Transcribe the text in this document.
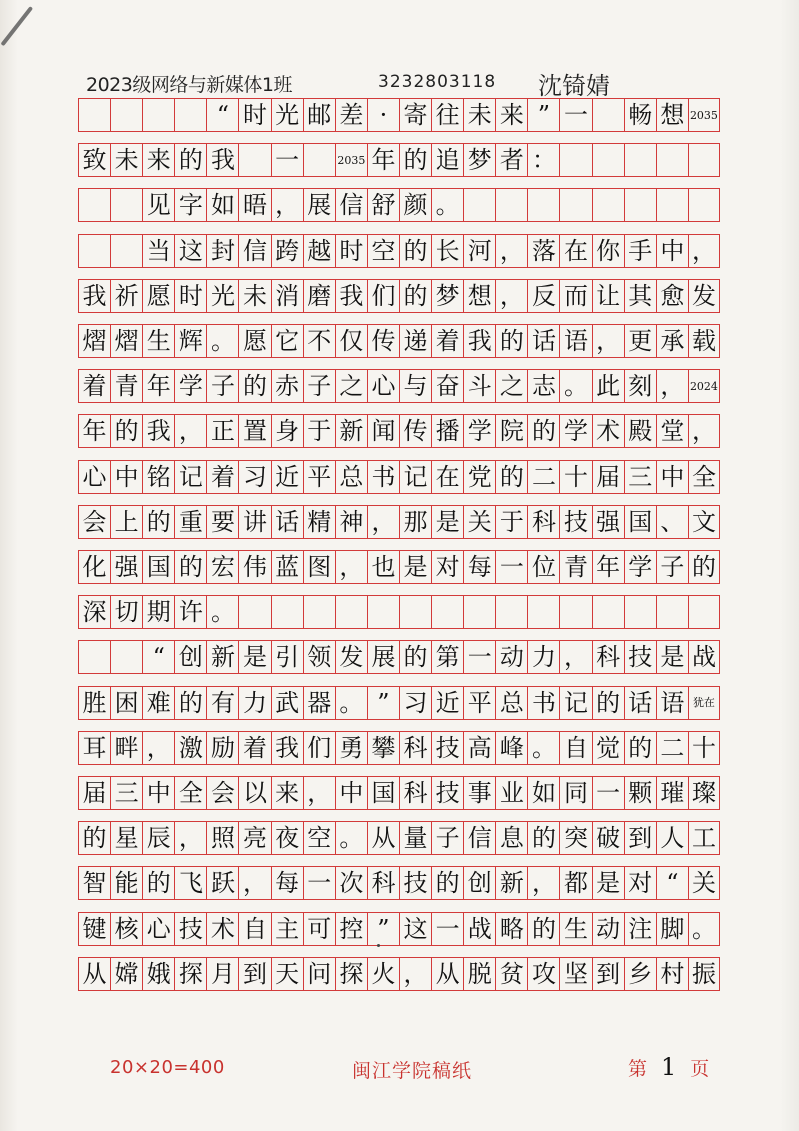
2023级网络与新媒体1班	3232803118 沈锜婧
“ 时 光 邮 差 · 寄 往 未 来 ” 一 畅 想 2035
致 未 来 的 我 一	2035 年 的 追 梦 者 ：
见 字 如 晤 ， 展 信 舒 颜 。
当 这 封 信 跨 越 时 空 的 长 河 ， 落 在 你 手 中 ，
我 祈 愿 时 光 未 消 磨 我 们 的 梦 想 ， 反 而 让 其 愈 发
熠 熠 生 辉 。 愿 它 不 仅 传 递 着 我 的 话 语 ， 更 承 载
着 青 年 学 子 的 赤 子 之 心 与 奋 斗 之 志 。 此 刻 ， 2024
年 的 我 ， 正 置 身 于 新 闻 传 播 学 院 的 学 术 殿 堂 ，
心 中 铭 记 着 习 近 平 总 书 记 在 党 的 二 十 届 三 中 全
会 上 的 重 要 讲 话 精 神 ， 那 是 关 于 科 技 强 国 、 文
化 强 国 的 宏 伟 蓝 图 ， 也 是 对 每 一 位 青 年 学 子 的
深 切 期 许 。
“ 创 新 是 引 领 发 展 的 第 一 动 力 ， 科 技 是 战
胜 困 难 的 有 力 武 器 。 ” 习 近 平 总 书 记 的 话 语 犹在
耳 畔 ， 激 励 着 我 们 勇 攀 科 技 高 峰 。 自 觉 的 二 十
届 三 中 全 会 以 来 ， 中 国 科 技 事 业 如 同 一 颗 璀 璨
的 星 辰 ， 照 亮 夜 空 。 从 量 子 信 息 的 突 破 到 人 工
智 能 的 飞 跃 ， 每 一 次 科 技 的 创 新 ， 都 是 对 “ 关
键 核 心 技 术 自 主 可 控 ” 这 一 战 略 的 生 动 注 脚 。
从 嫦 娥 探 月 到 天 问 探 火 ， 从 脱 贫 攻 坚 到 乡 村 振
20×20=400	闽江学院稿纸	第 1 页
